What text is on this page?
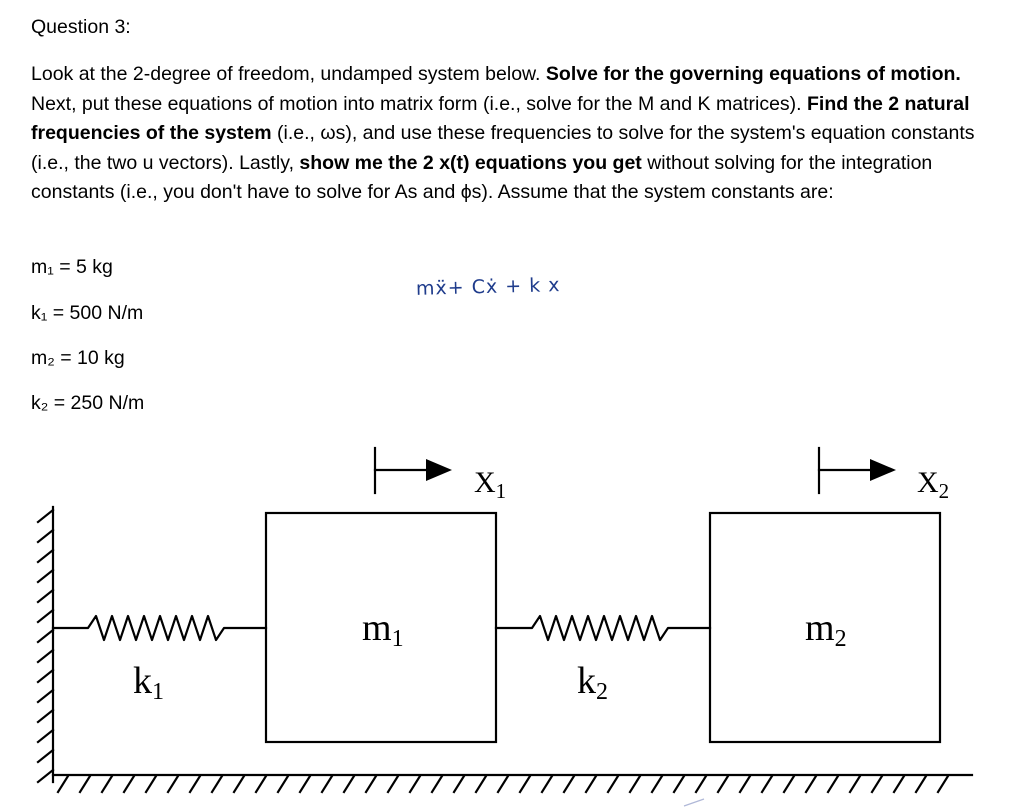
Question 3:

Look at the 2-degree of freedom, undamped system below. Solve for the governing equations of motion. Next, put these equations of motion into matrix form (i.e., solve for the M and K matrices). Find the 2 natural frequencies of the system (i.e., ωs), and use these frequencies to solve for the system's equation constants (i.e., the two u vectors). Lastly, show me the 2 x(t) equations you get without solving for the integration constants (i.e., you don't have to solve for As and ϕs). Assume that the system constants are:

m₁ = 5 kg

k₁ = 500 N/m

m₂ = 10 kg

k₂ = 250 N/m

mẍ+ Cẋ + k x
$X_1$	$X_2$
m1	m2
k1	k2
